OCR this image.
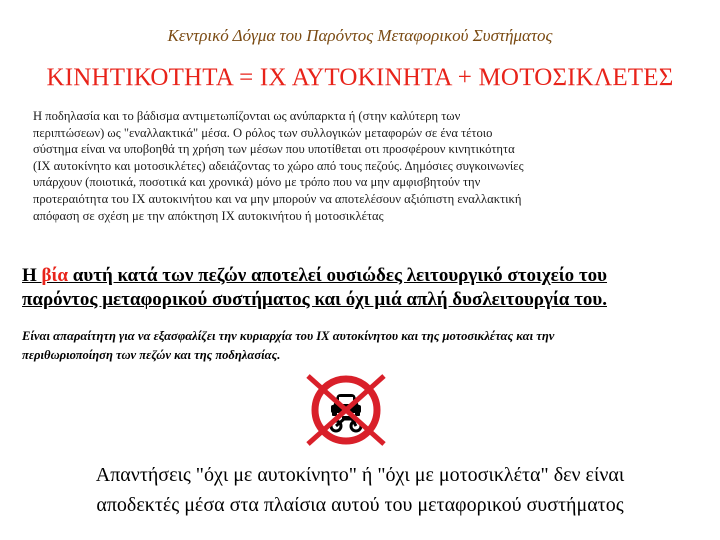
Κεντρικό Δόγμα του Παρόντος Μεταφορικού Συστήματος
ΚΙΝΗΤΙΚΟΤΗΤΑ = ΙΧ ΑΥΤΟΚΙΝΗΤΑ + ΜΟΤΟΣΙΚΛΕΤΕΣ
Η ποδηλασία και το βάδισμα αντιμετωπίζονται ως ανύπαρκτα ή (στην καλύτερη των
περιπτώσεων) ως "εναλλακτικά" μέσα. Ο ρόλος των συλλογικών μεταφορών σε ένα τέτοιο
σύστημα είναι να υποβοηθά τη χρήση των μέσων που υποτίθεται οτι προσφέρουν κινητικότητα
(ΙΧ αυτοκίνητο και μοτοσικλέτες) αδειάζοντας το χώρο από τους πεζούς. Δημόσιες συγκοινωνίες
υπάρχουν (ποιοτικά, ποσοτικά και χρονικά) μόνο με τρόπο που να μην αμφισβητούν την
προτεραιότητα του ΙΧ αυτοκινήτου και να μην μπορούν να αποτελέσουν αξιόπιστη εναλλακτική
απόφαση σε σχέση με την απόκτηση ΙΧ αυτοκινήτου ή μοτοσικλέτας
Η βία αυτή κατά των πεζών αποτελεί ουσιώδες λειτουργικό στοιχείο του
παρόντος μεταφορικού συστήματος και όχι μιά απλή δυσλειτουργία του.
Είναι απαραίτητη για να εξασφαλίζει την κυριαρχία του ΙΧ αυτοκίνητου και της μοτοσικλέτας και την
περιθωριοποίηση των πεζών και της ποδηλασίας.
Απαντήσεις "όχι με αυτοκίνητο" ή "όχι με μοτοσικλέτα" δεν είναι
αποδεκτές μέσα στα πλαίσια αυτού του μεταφορικού συστήματος
